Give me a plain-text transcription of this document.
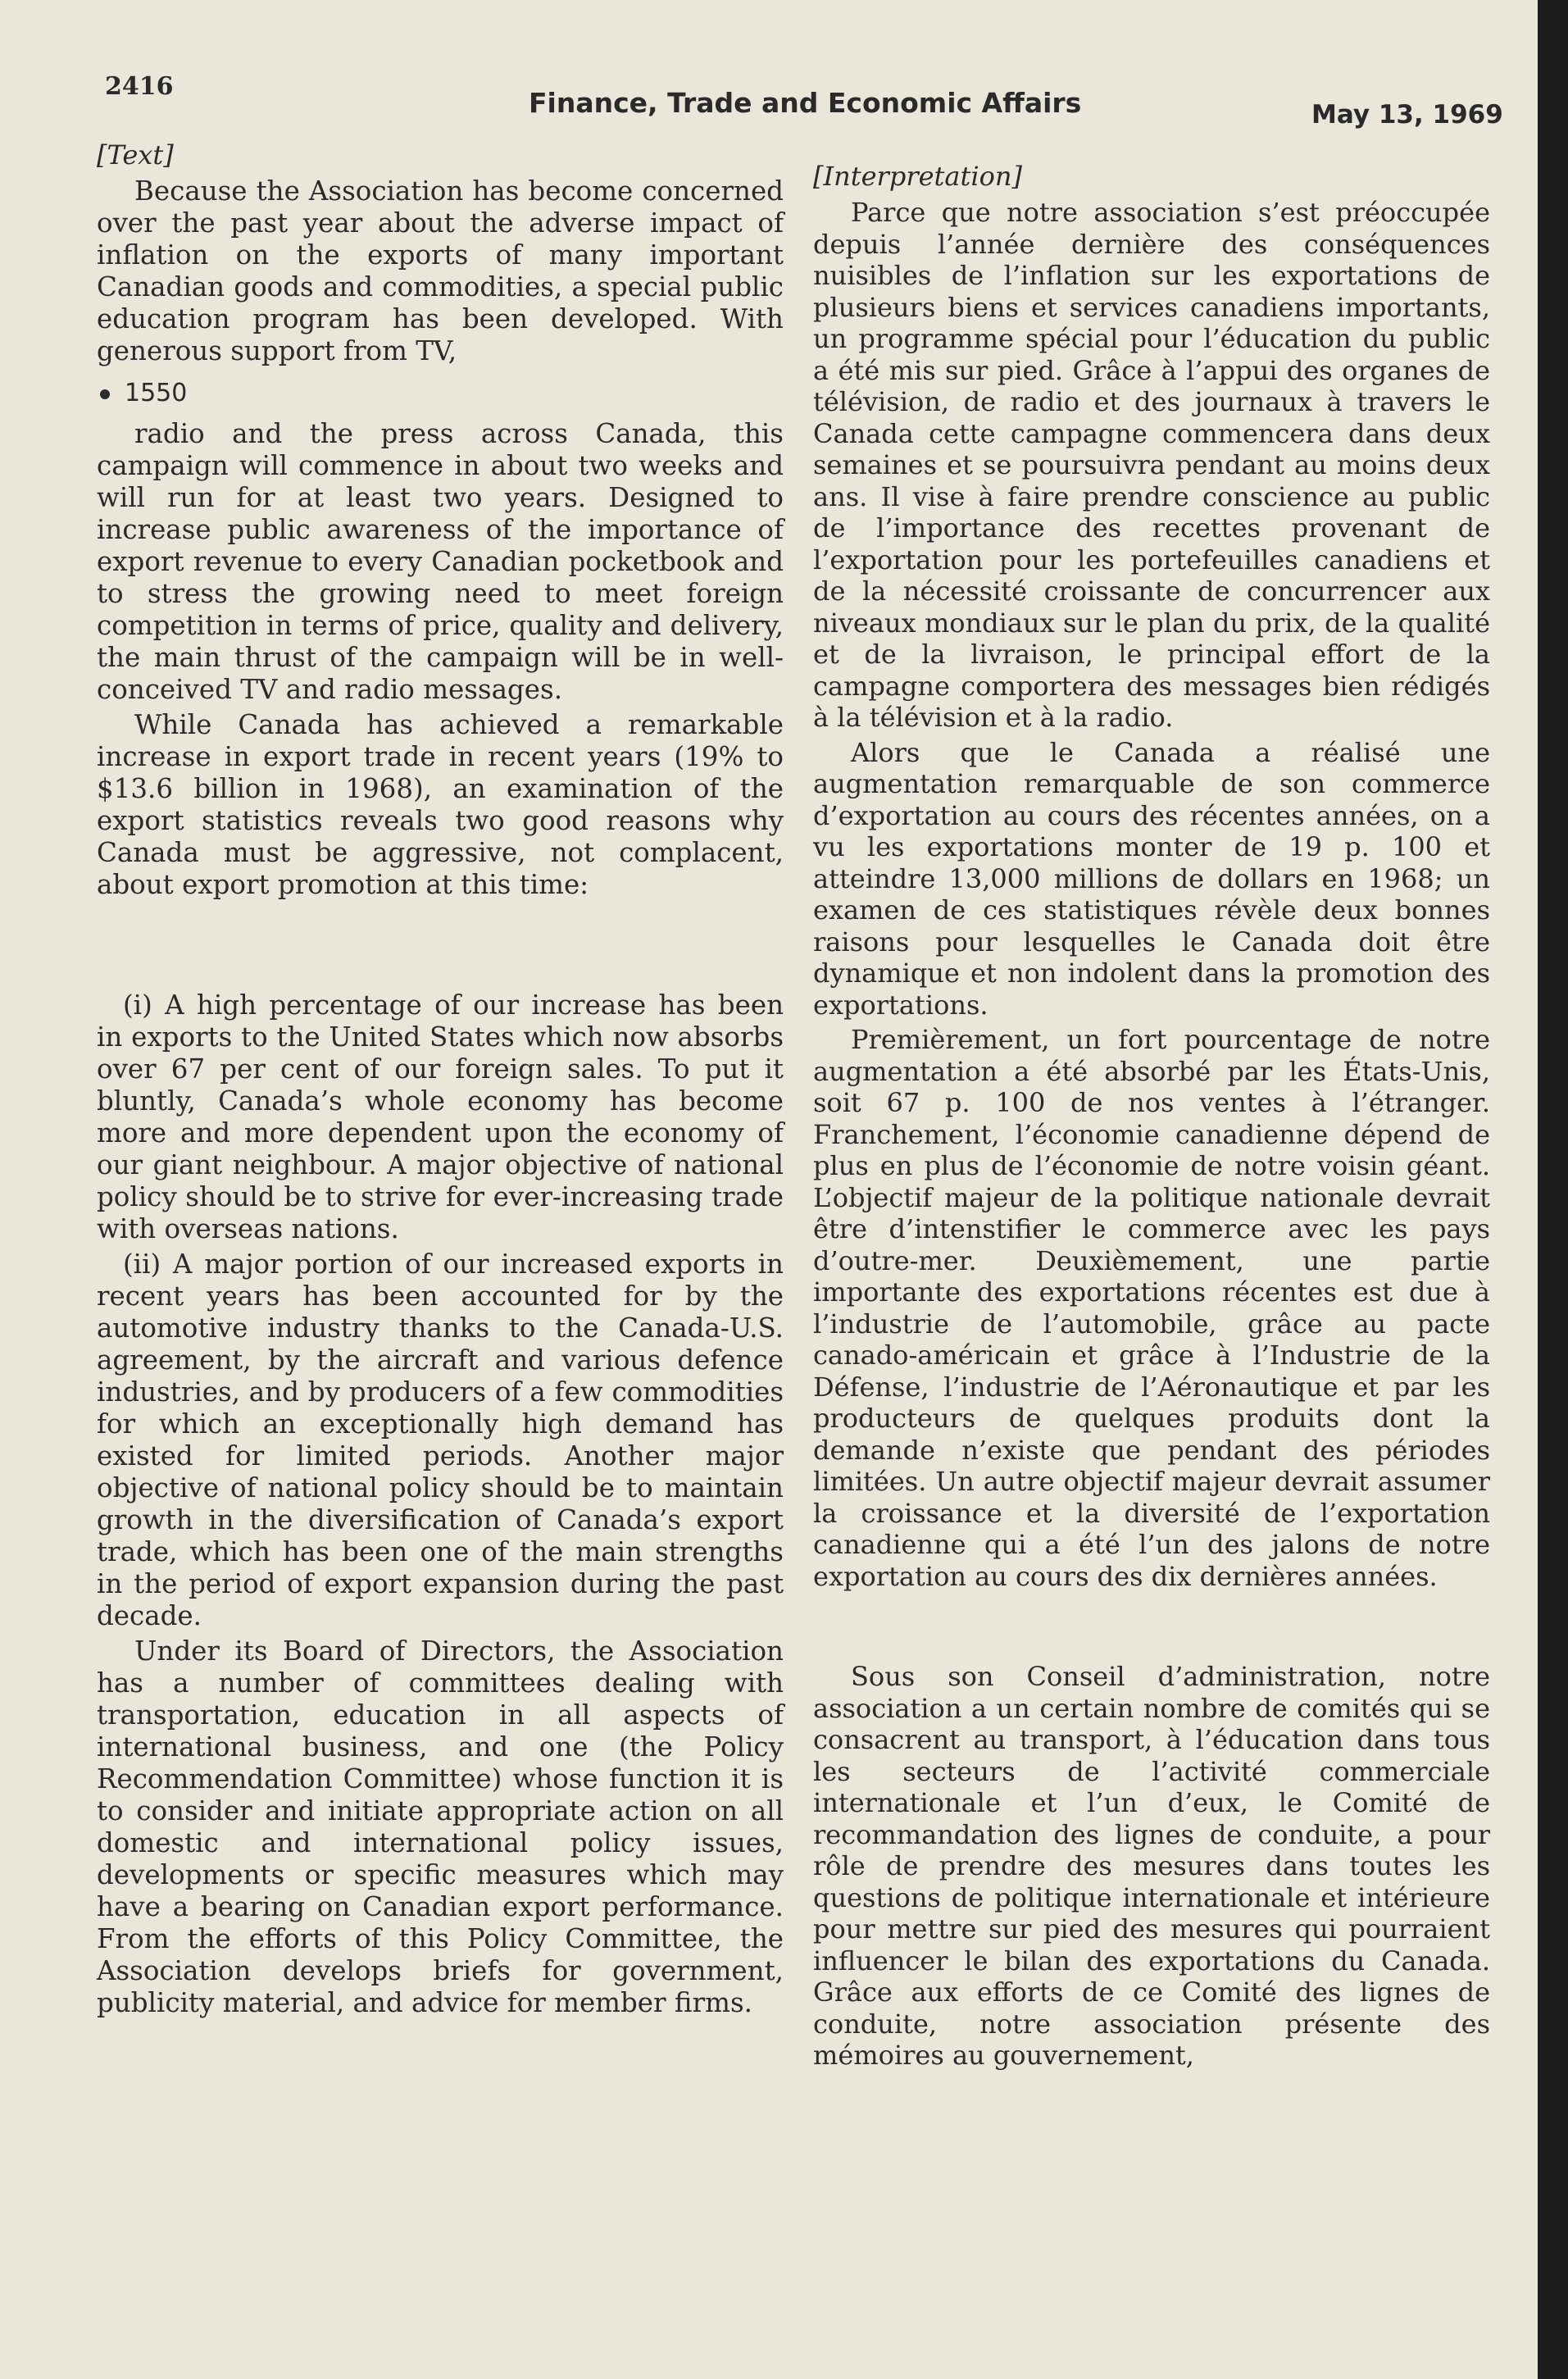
2416
Finance, Trade and Economic Affairs	May 13, 1969
[Text]

Because the Association has become concerned over the past year about the adverse impact of inflation on the exports of many important Canadian goods and commodities, a special public education program has been developed. With generous support from TV,

1550

radio and the press across Canada, this campaign will commence in about two weeks and will run for at least two years. Designed to increase public awareness of the importance of export revenue to every Canadian pocketbook and to stress the growing need to meet foreign competition in terms of price, quality and delivery, the main thrust of the campaign will be in well-conceived TV and radio messages.

While Canada has achieved a remarkable increase in export trade in recent years (19% to $13.6 billion in 1968), an examination of the export statistics reveals two good reasons why Canada must be aggressive, not complacent, about export promotion at this time:

(i) A high percentage of our increase has been in exports to the United States which now absorbs over 67 per cent of our foreign sales. To put it bluntly, Canada’s whole economy has become more and more dependent upon the economy of our giant neighbour. A major objective of national policy should be to strive for ever-increasing trade with overseas nations.

(ii) A major portion of our increased exports in recent years has been accounted for by the automotive industry thanks to the Canada-U.S. agreement, by the aircraft and various defence industries, and by producers of a few commodities for which an exceptionally high demand has existed for limited periods. Another major objective of national policy should be to maintain growth in the diversification of Canada’s export trade, which has been one of the main strengths in the period of export expansion during the past decade.

Under its Board of Directors, the Association has a number of committees dealing with transportation, education in all aspects of international business, and one (the Policy Recommendation Committee) whose function it is to consider and initiate appropriate action on all domestic and international policy issues, developments or specific measures which may have a bearing on Canadian export performance. From the efforts of this Policy Committee, the Association develops briefs for government, publicity material, and advice for member firms.

[Interpretation]

Parce que notre association s’est préoccupée depuis l’année dernière des conséquences nuisibles de l’inflation sur les exportations de plusieurs biens et services canadiens importants, un programme spécial pour l’éducation du public a été mis sur pied. Grâce à l’appui des organes de télévision, de radio et des journaux à travers le Canada cette campagne commencera dans deux semaines et se poursuivra pendant au moins deux ans. Il vise à faire prendre conscience au public de l’importance des recettes provenant de l’exportation pour les portefeuilles canadiens et de la nécessité croissante de concurrencer aux niveaux mondiaux sur le plan du prix, de la qualité et de la livraison, le principal effort de la campagne comportera des messages bien rédigés à la télévision et à la radio.

Alors que le Canada a réalisé une augmentation remarquable de son commerce d’exportation au cours des récentes années, on a vu les exportations monter de 19 p. 100 et atteindre 13,000 millions de dollars en 1968; un examen de ces statistiques révèle deux bonnes raisons pour lesquelles le Canada doit être dynamique et non indolent dans la promotion des exportations.

Premièrement, un fort pourcentage de notre augmentation a été absorbé par les États-Unis, soit 67 p. 100 de nos ventes à l’étranger. Franchement, l’économie canadienne dépend de plus en plus de l’économie de notre voisin géant. L’objectif majeur de la politique nationale devrait être d’intenstifier le commerce avec les pays d’outre-mer. Deuxièmement, une partie importante des exportations récentes est due à l’industrie de l’automobile, grâce au pacte canado-américain et grâce à l’Industrie de la Défense, l’industrie de l’Aéronautique et par les producteurs de quelques produits dont la demande n’existe que pendant des périodes limitées. Un autre objectif majeur devrait assumer la croissance et la diversité de l’exportation canadienne qui a été l’un des jalons de notre exportation au cours des dix dernières années.

Sous son Conseil d’administration, notre association a un certain nombre de comités qui se consacrent au transport, à l’éducation dans tous les secteurs de l’activité commerciale internationale et l’un d’eux, le Comité de recommandation des lignes de conduite, a pour rôle de prendre des mesures dans toutes les questions de politique internationale et intérieure pour mettre sur pied des mesures qui pourraient influencer le bilan des exportations du Canada. Grâce aux efforts de ce Comité des lignes de conduite, notre association présente des mémoires au gouvernement,
